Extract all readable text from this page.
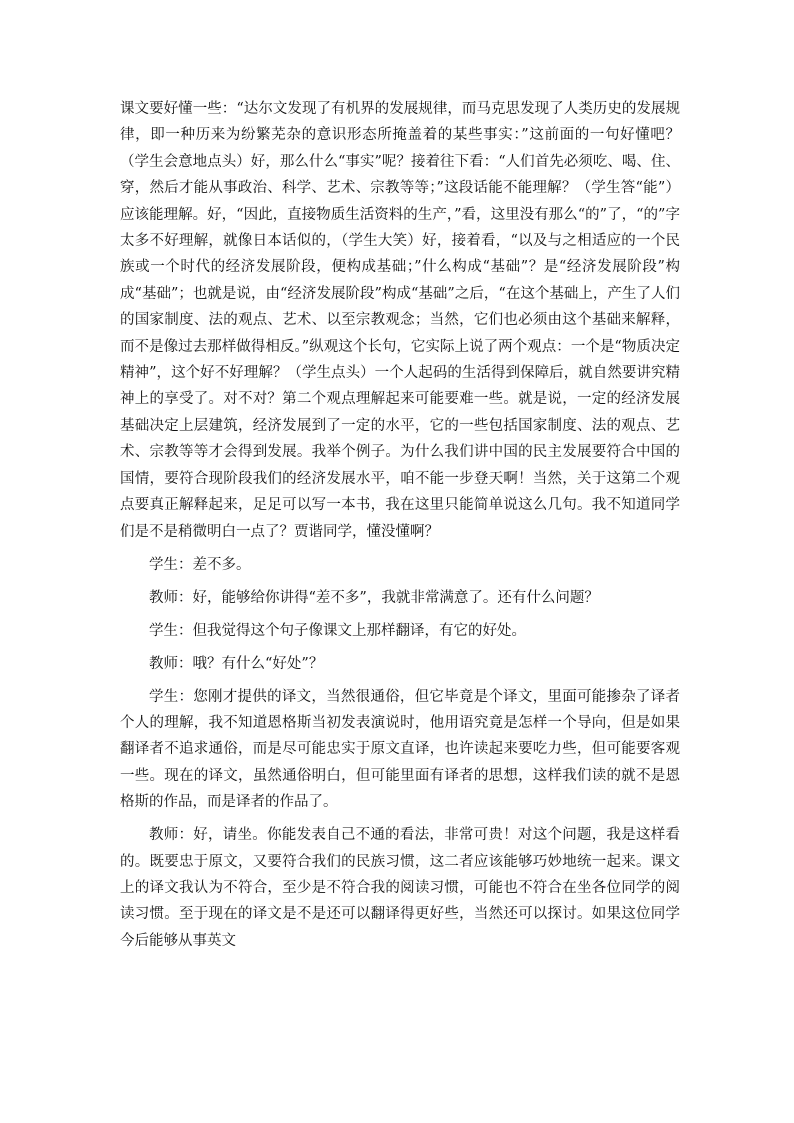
课文要好懂一些：“达尔文发现了有机界的发展规律，而马克思发现了人类历史的发展规律，即一种历来为纷繁芜杂的意识形态所掩盖着的某些事实：”这前面的一句好懂吧？（学生会意地点头）好，那么什么“事实”呢？接着往下看：“人们首先必须吃、喝、住、穿，然后才能从事政治、科学、艺术、宗教等等；”这段话能不能理解？（学生答“能”）应该能理解。好，“因此，直接物质生活资料的生产，”看，这里没有那么“的”了，“的”字太多不好理解，就像日本话似的，（学生大笑）好，接着看，“以及与之相适应的一个民族或一个时代的经济发展阶段，便构成基础；”什么构成“基础”？是“经济发展阶段”构成“基础”；也就是说，由“经济发展阶段”构成“基础”之后，“在这个基础上，产生了人们的国家制度、法的观点、艺术、以至宗教观念；当然，它们也必须由这个基础来解释，而不是像过去那样做得相反。”纵观这个长句，它实际上说了两个观点：一个是“物质决定精神”，这个好不好理解？（学生点头）一个人起码的生活得到保障后，就自然要讲究精神上的享受了。对不对？第二个观点理解起来可能要难一些。就是说，一定的经济发展基础决定上层建筑，经济发展到了一定的水平，它的一些包括国家制度、法的观点、艺术、宗教等等才会得到发展。我举个例子。为什么我们讲中国的民主发展要符合中国的国情，要符合现阶段我们的经济发展水平，咱不能一步登天啊！当然，关于这第二个观点要真正解释起来，足足可以写一本书，我在这里只能简单说这么几句。我不知道同学们是不是稍微明白一点了？贾谐同学，懂没懂啊？

学生：差不多。

教师：好，能够给你讲得“差不多”，我就非常满意了。还有什么问题？

学生：但我觉得这个句子像课文上那样翻译，有它的好处。

教师：哦？有什么“好处”？

学生：您刚才提供的译文，当然很通俗，但它毕竟是个译文，里面可能掺杂了译者个人的理解，我不知道恩格斯当初发表演说时，他用语究竟是怎样一个导向，但是如果翻译者不追求通俗，而是尽可能忠实于原文直译，也许读起来要吃力些，但可能要客观一些。现在的译文，虽然通俗明白，但可能里面有译者的思想，这样我们读的就不是恩格斯的作品，而是译者的作品了。

教师：好，请坐。你能发表自己不通的看法，非常可贵！对这个问题，我是这样看的。既要忠于原文，又要符合我们的民族习惯，这二者应该能够巧妙地统一起来。课文上的译文我认为不符合，至少是不符合我的阅读习惯，可能也不符合在坐各位同学的阅读习惯。至于现在的译文是不是还可以翻译得更好些，当然还可以探讨。如果这位同学今后能够从事英文
